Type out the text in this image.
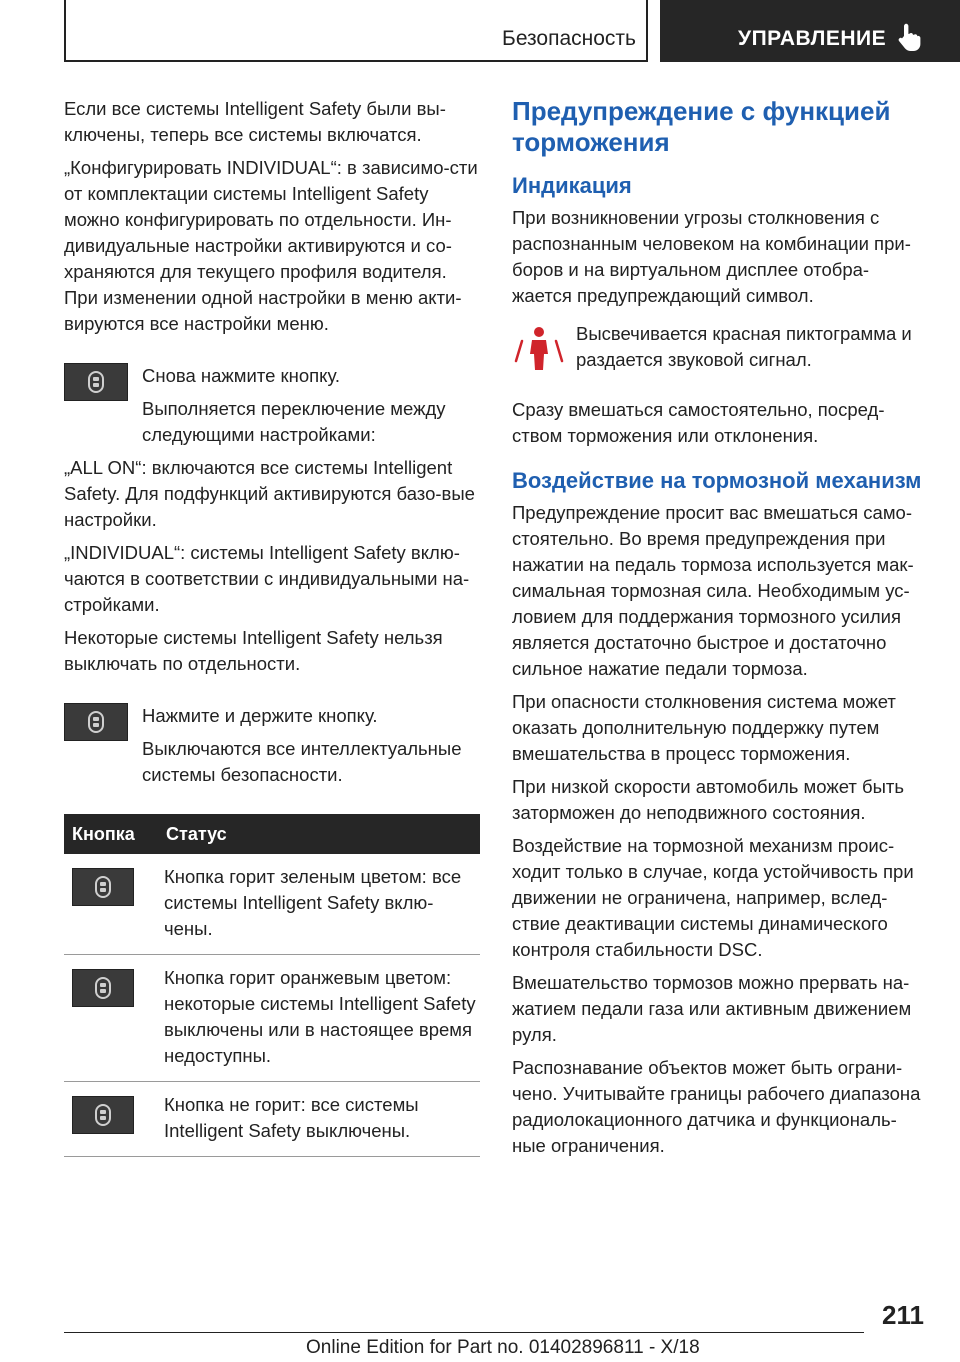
Безопасность	УПРАВЛЕНИЕ

Если все системы Intelligent Safety были вы-ключены, теперь все системы включатся.

„Конфигурировать INDIVIDUAL“: в зависимо-сти от комплектации системы Intelligent Safety можно конфигурировать по отдельности. Ин-дивидуальные настройки активируются и со-храняются для текущего профиля водителя. При изменении одной настройки в меню акти-вируются все настройки меню.

Снова нажмите кнопку.

Выполняется переключение между следующими настройками:

„ALL ON“: включаются все системы Intelligent Safety. Для подфункций активируются базо-вые настройки.

„INDIVIDUAL“: системы Intelligent Safety вклю-чаются в соответствии с индивидуальными на-стройками.

Некоторые системы Intelligent Safety нельзя выключать по отдельности.

Нажмите и держите кнопку.

Выключаются все интеллектуальные системы безопасности.

Кнопка	Статус

	Кнопка горит зеленым цветом: все системы Intelligent Safety вклю-чены.

	Кнопка горит оранжевым цветом: некоторые системы Intelligent Safety выключены или в настоящее время недоступны.

	Кнопка не горит: все системы Intelligent Safety выключены.
Предупреждение с функцией торможения
Индикация

При возникновении угрозы столкновения с распознанным человеком на комбинации при-боров и на виртуальном дисплее отобра-жается предупреждающий символ.

Высвечивается красная пиктограмма и раздается звуковой сигнал.

Сразу вмешаться самостоятельно, посред-ством торможения или отклонения.

Воздействие на тормозной механизм

Предупреждение просит вас вмешаться само-стоятельно. Во время предупреждения при нажатии на педаль тормоза используется мак-симальная тормозная сила. Необходимым ус-ловием для поддержания тормозного усилия является достаточно быстрое и достаточно сильное нажатие педали тормоза.

При опасности столкновения система может оказать дополнительную поддержку путем вмешательства в процесс торможения.

При низкой скорости автомобиль может быть заторможен до неподвижного состояния.

Воздействие на тормозной механизм проис-ходит только в случае, когда устойчивость при движении не ограничена, например, вслед-ствие деактивации системы динамического контроля стабильности DSC.

Вмешательство тормозов можно прервать на-жатием педали газа или активным движением руля.

Распознавание объектов может быть ограни-чено. Учитывайте границы рабочего диапазона радиолокационного датчика и функциональ-ные ограничения.

211
Online Edition for Part no. 01402896811 - X/18
